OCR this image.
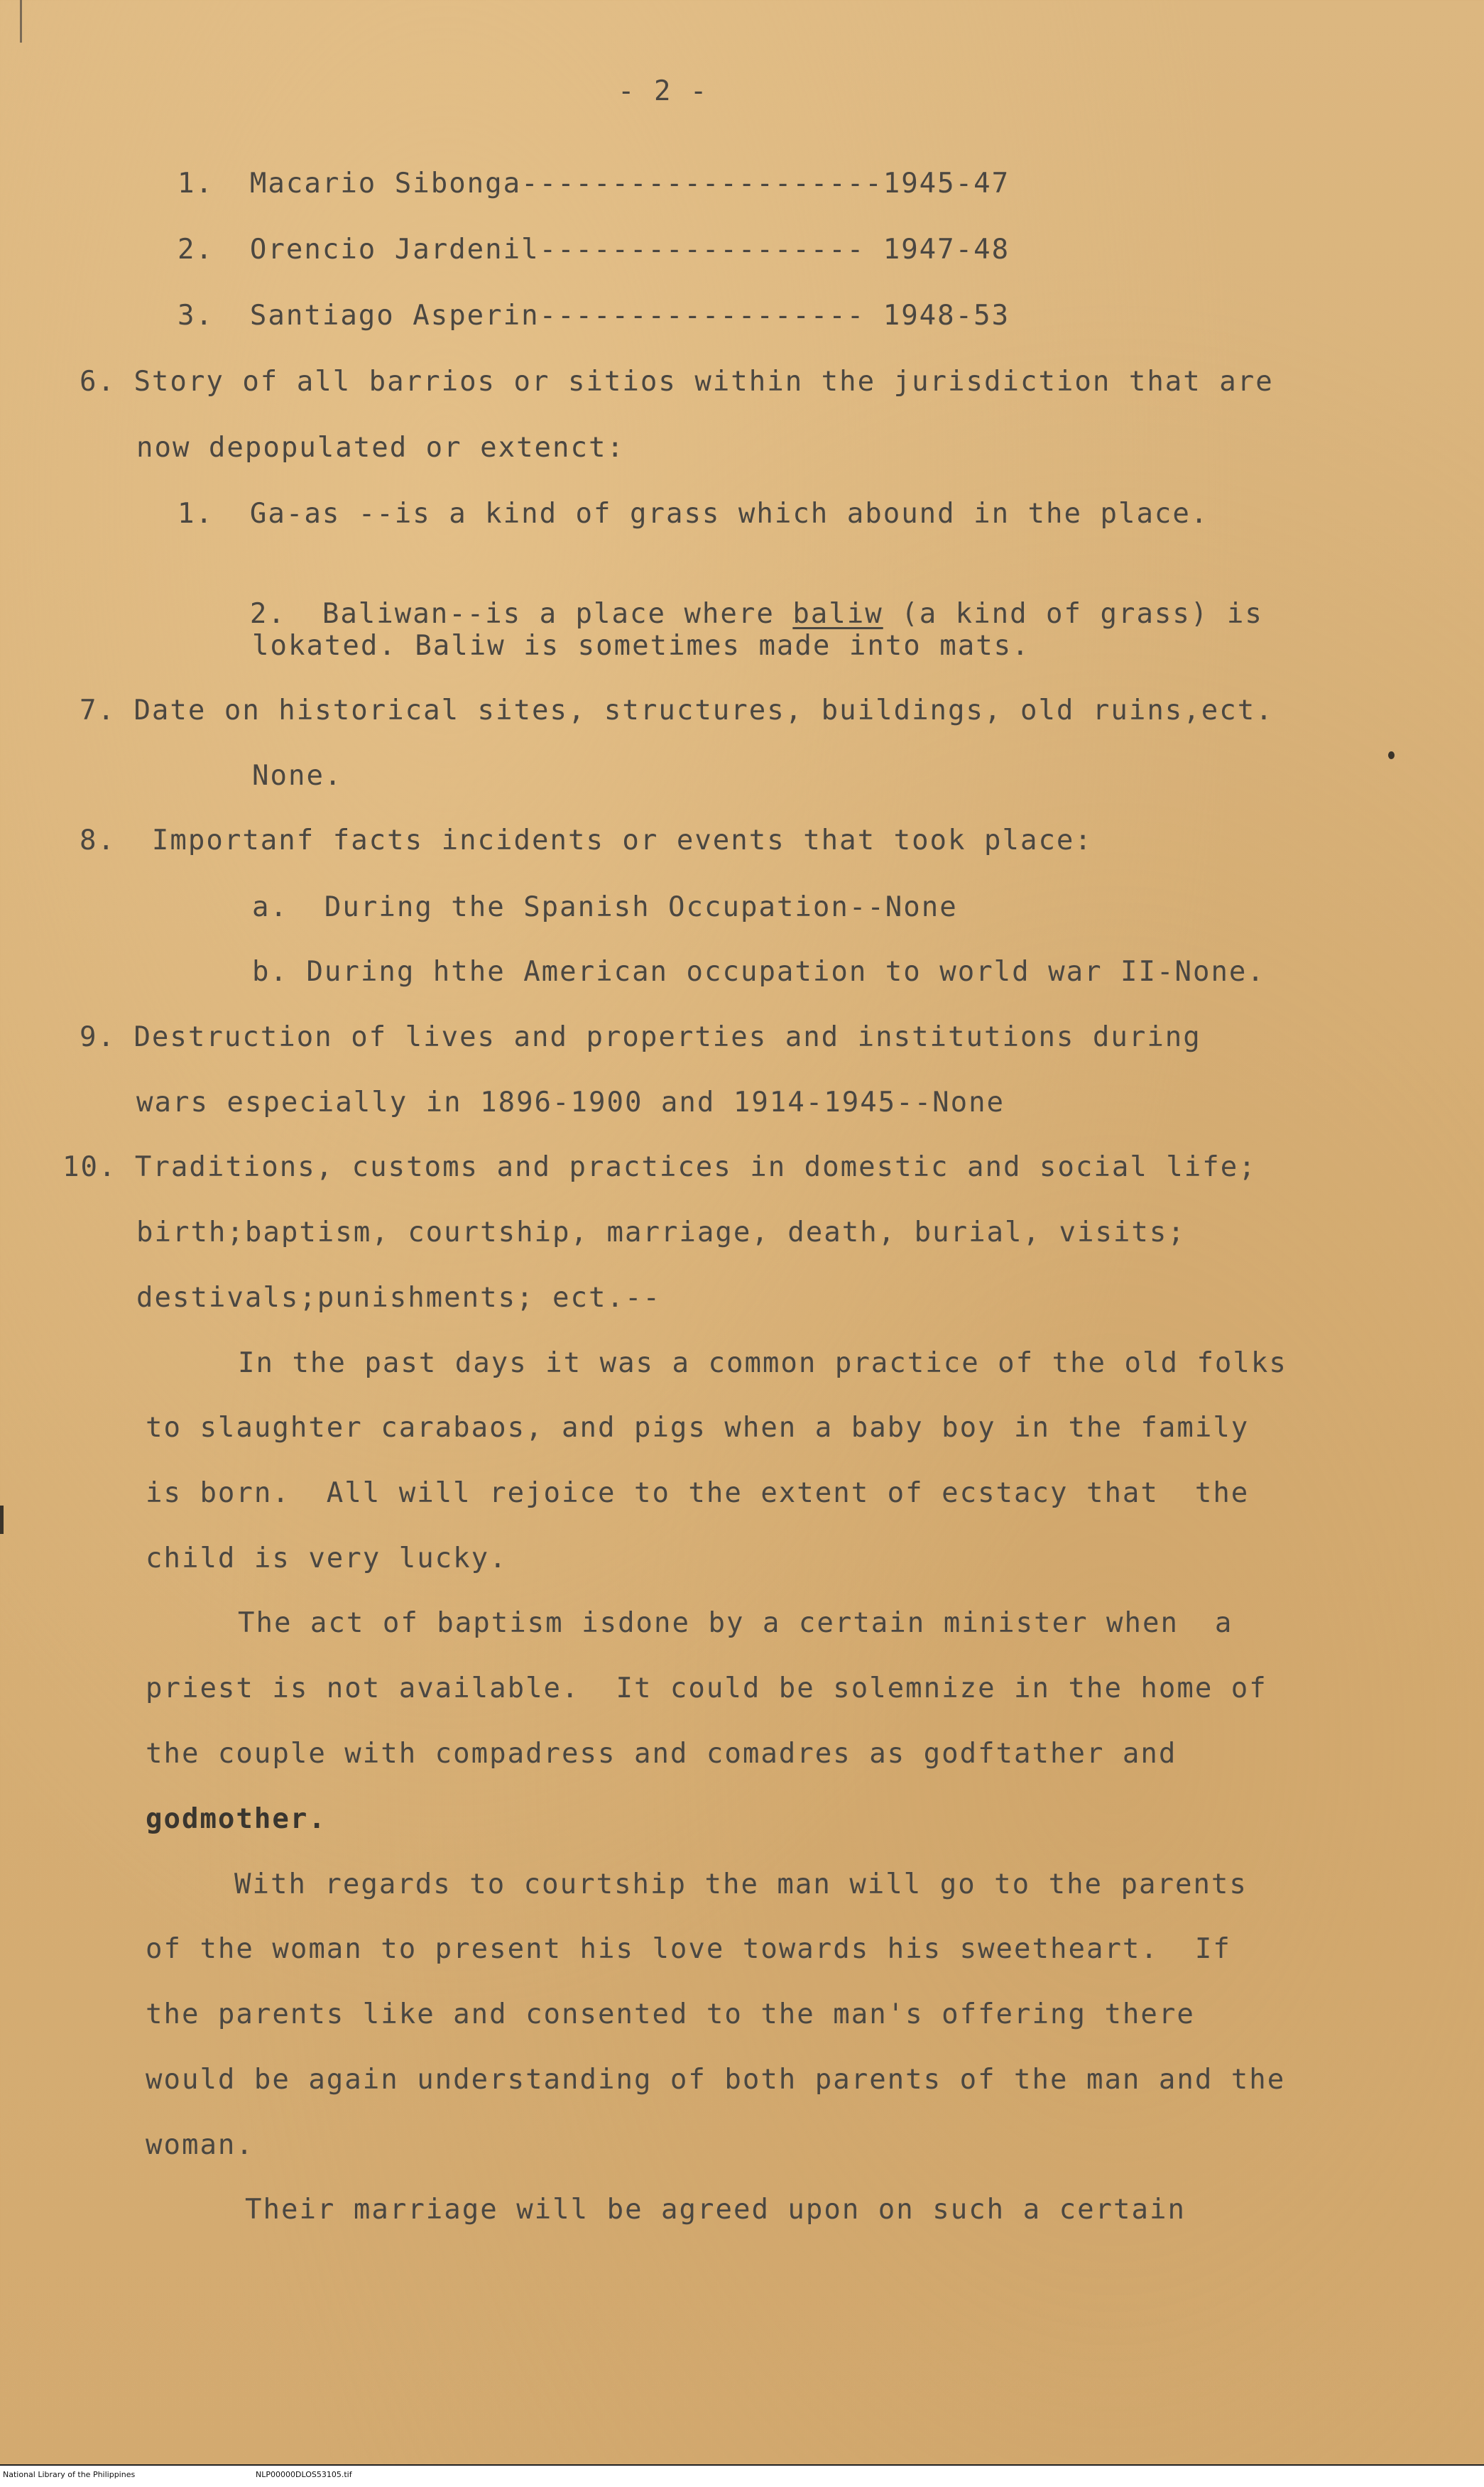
- 2 -
1.  Macario Sibonga--------------------1945-47
2.  Orencio Jardenil------------------ 1947-48
3.  Santiago Asperin------------------ 1948-53
6. Story of all barrios or sitios within the jurisdiction that are
now depopulated or extenct:
1.  Ga-as --is a kind of grass which abound in the place.

2.  Baliwan--is a place where baliw (a kind of grass) is

lokated. Baliw is sometimes made into mats.
7. Date on historical sites, structures, buildings, old ruins,ect.
None.
8.  Importanf facts incidents or events that took place:
a.  During the Spanish Occupation--None
b. During hthe American occupation to world war II-None.
9. Destruction of lives and properties and institutions during
wars especially in 1896-1900 and 1914-1945--None
10. Traditions, customs and practices in domestic and social life;
birth;baptism, courtship, marriage, death, burial, visits;
destivals;punishments; ect.--
In the past days it was a common practice of the old folks
to slaughter carabaos, and pigs when a baby boy in the family
is born.  All will rejoice to the extent of ecstacy that  the
child is very lucky.
The act of baptism isdone by a certain minister when  a
priest is not available.  It could be solemnize in the home of
the couple with compadress and comadres as godftather and
godmother.
With regards to courtship the man will go to the parents
of the woman to present his love towards his sweetheart.  If
the parents like and consented to the man's offering there
would be again understanding of both parents of the man and the
woman.
Their marriage will be agreed upon on such a certain
National Library of the Philippines	NLP00000DLOS53105.tif
